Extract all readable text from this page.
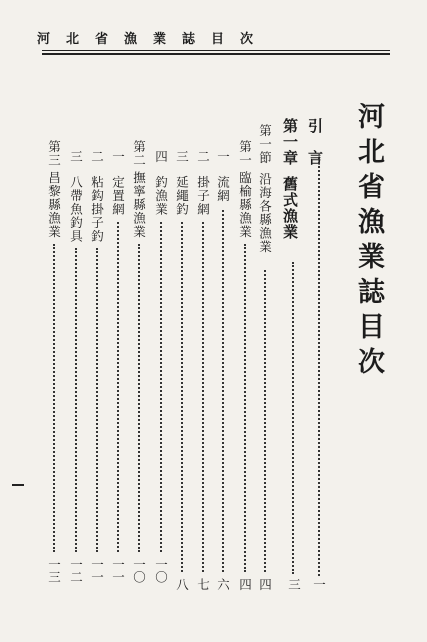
河北省漁業誌目次
河北省漁業誌目次
引　言
一
第一章舊式漁業
三
第一節沿海各縣漁業
四
第一臨榆縣漁業
四
一流網
六
二掛子網
七
三延繩釣
八
四釣漁業
一〇
第二撫寧縣漁業
一〇
一定置網
一一
二粘鈎掛子釣
一一
三八帶魚釣具
一二
第三昌黎縣漁業
一三
